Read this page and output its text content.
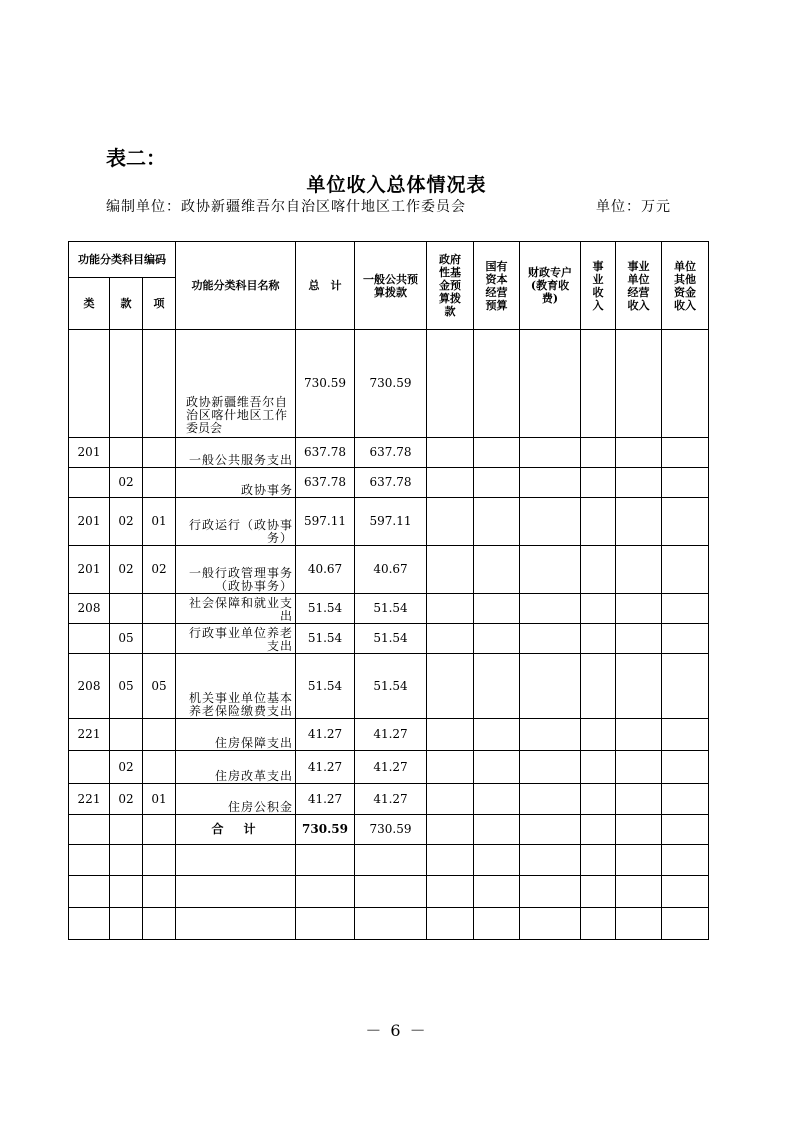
表二：
单位收入总体情况表
编制单位：政协新疆维吾尔自治区喀什地区工作委员会	单位：万元
功能分类科目编码			功能分类科目名称	总　计	一般公共预算拨款	政府性基金预算拨款	国有资本经营预算	财政专户(教育收费)	事业收入	事业单位经营收入	单位其他资金收入
类	款	项									
			政协新疆维吾尔自治区喀什地区工作委员会	730.59	730.59						
201			一般公共服务支出	637.78	637.78						
	02		政协事务	637.78	637.78						
201	02	01	行政运行（政协事务）	597.11	597.11						
201	02	02	一般行政管理事务（政协事务）	40.67	40.67						
208			社会保障和就业支出	51.54	51.54						
	05		行政事业单位养老支出	51.54	51.54						
208	05	05	机关事业单位基本养老保险缴费支出	51.54	51.54						
221			住房保障支出	41.27	41.27						
	02		住房改革支出	41.27	41.27						
221	02	01	住房公积金	41.27	41.27						
			合　计	730.59	730.59						

－ 6 －
